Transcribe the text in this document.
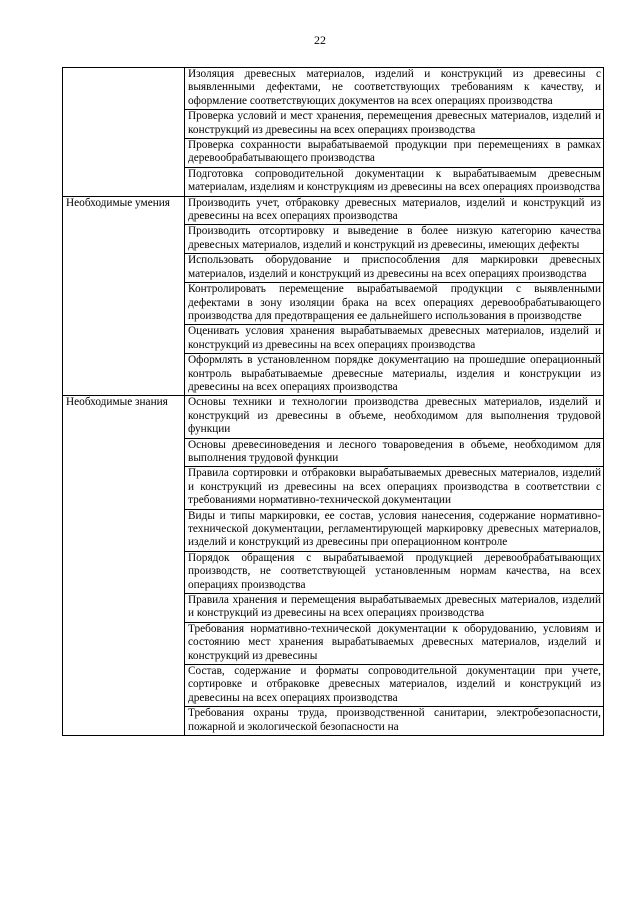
22
	Изоляция древесных материалов, изделий и конструкций из древесины с выявленными дефектами, не соответствующих требованиям к качеству, и оформление соответствующих документов на всех операциях производства
	Проверка условий и мест хранения, перемещения древесных материалов, изделий и конструкций из древесины на всех операциях производства
	Проверка сохранности вырабатываемой продукции при перемещениях в рамках деревообрабатывающего производства
	Подготовка сопроводительной документации к вырабатываемым древесным материалам, изделиям и конструкциям из древесины на всех операциях производства
Необходимые умения	Производить учет, отбраковку древесных материалов, изделий и конструкций из древесины на всех операциях производства
	Производить отсортировку и выведение в более низкую категорию качества древесных материалов, изделий и конструкций из древесины, имеющих дефекты
	Использовать оборудование и приспособления для маркировки древесных материалов, изделий и конструкций из древесины на всех операциях производства
	Контролировать перемещение вырабатываемой продукции с выявленными дефектами в зону изоляции брака на всех операциях деревообрабатывающего производства для предотвращения ее дальнейшего использования в производстве
	Оценивать условия хранения вырабатываемых древесных материалов, изделий и конструкций из древесины на всех операциях производства
	Оформлять в установленном порядке документацию на прошедшие операционный контроль вырабатываемые древесные материалы, изделия и конструкции из древесины на всех операциях производства
Необходимые знания	Основы техники и технологии производства древесных материалов, изделий и конструкций из древесины в объеме, необходимом для выполнения трудовой функции
	Основы древесиноведения и лесного товароведения в объеме, необходимом для выполнения трудовой функции
	Правила сортировки и отбраковки вырабатываемых древесных материалов, изделий и конструкций из древесины на всех операциях производства в соответствии с требованиями нормативно-технической документации
	Виды и типы маркировки, ее состав, условия нанесения, содержание нормативно-технической документации, регламентирующей маркировку древесных материалов, изделий и конструкций из древесины при операционном контроле
	Порядок обращения с вырабатываемой продукцией деревообрабатывающих производств, не соответствующей установленным нормам качества, на всех операциях производства
	Правила хранения и перемещения вырабатываемых древесных материалов, изделий и конструкций из древесины на всех операциях производства
	Требования нормативно-технической документации к оборудованию, условиям и состоянию мест хранения вырабатываемых древесных материалов, изделий и конструкций из древесины
	Состав, содержание и форматы сопроводительной документации при учете, сортировке и отбраковке древесных материалов, изделий и конструкций из древесины на всех операциях производства
	Требования охраны труда, производственной санитарии, электробезопасности, пожарной и экологической безопасности на
